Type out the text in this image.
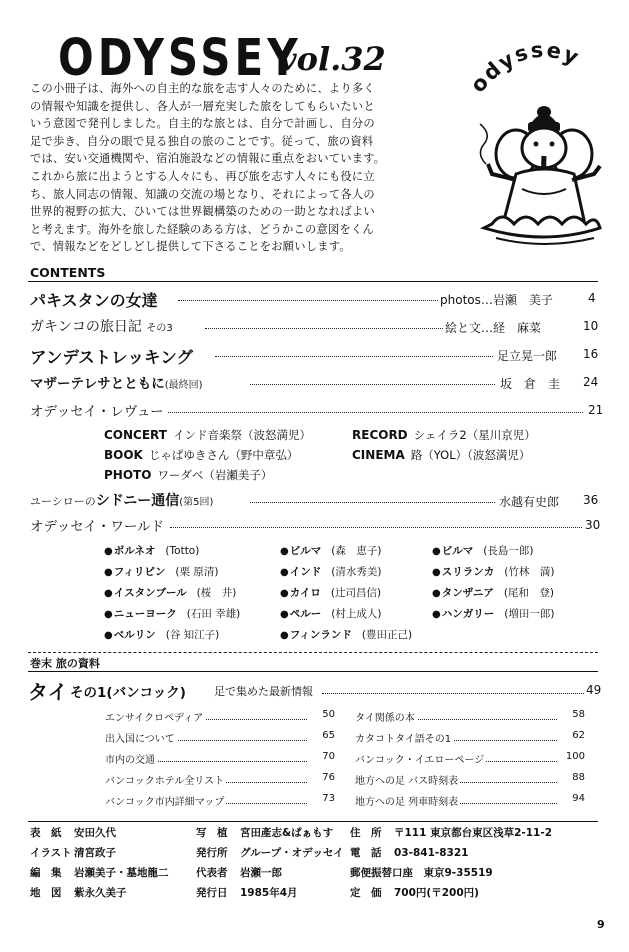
ODYSSEY
vol.32
この小冊子は、海外への自主的な旅を志す人々のために、より多く
の情報や知識を提供し、各人が一層充実した旅をしてもらいたいと
いう意図で発刊しました。自主的な旅とは、自分で計画し、自分の
足で歩き、自分の眼で見る独自の旅のことです。従って、旅の資料
では、安い交通機関や、宿泊施設などの情報に重点をおいています。
これから旅に出ようとする人々にも、再び旅を志す人々にも役に立
ち、旅人同志の情報、知識の交流の場となり、それによって各人の
世界的視野の拡大、ひいては世界観構築のための一助となればよい
と考えます。海外を旅した経験のある方は、どうかこの意図をくん
で、情報などをどしどし提供して下さることをお願いします。
odyssey
CONTENTS
パキスタンの女達	photos…岩瀬　美子	4
ガキンコの旅日記 その3	絵と文…経　麻菜	10
アンデストレッキング	足立晃一郎 16
マザーテレサとともに(最終回)	坂　倉　圭 24
オデッセイ・レヴュー	21
CONCERT インド音楽祭（波怒満児）	RECORD シェイラ2（星川京児）
BOOK じゃぱゆきさん（野中章弘）	CINEMA 路（YOL）（波怒満児）
PHOTO ワーダベ（岩瀬美子）
ユーシローのシドニー通信(第5回)	水越有史郎 36
オデッセイ・ワールド	30
●ボルネオ (Totto)	●ビルマ (森　恵子)	●ビルマ (長島一郎)
●フィリピン (栗 原清)	●インド (清水秀美)	●スリランカ (竹林　満)
●イスタンブール (桜　井)	●カイロ (辻司昌信)	●タンザニア (尾和　登)
●ニューヨーク (石田 幸雄)	●ペルー (村上成人)	●ハンガリー (増田一郎)
●ベルリン (谷 知江子)	●フィンランド (豊田正己)
巻末 旅の資料
タイ その1(バンコック)	足で集めた最新情報	49
エンサイクロペディア	50 タイ関係の本	58
出入国について	65 カタコトタイ語その1	62
市内の交通	70 バンコック・イエローページ	100
バンコックホテル全リスト	76 地方への足 バス時刻表	88
バンコック市内詳細マップ	73 地方への足 列車時刻表	94
表　紙 安田久代	写　植 宮田產志&ぱぁもす 住　所 〒111 東京都台東区浅草2-11-2
イラスト 清宮政子	発行所 グループ・オデッセイ 電　話 03-841-8321
編　集 岩瀬美子・墓地龍二	代表者 岩瀬一郎	郵便振替口座　東京9-35519
地　図 紫永久美子	発行日 1985年4月	定　価 700円(〒200円)
9
